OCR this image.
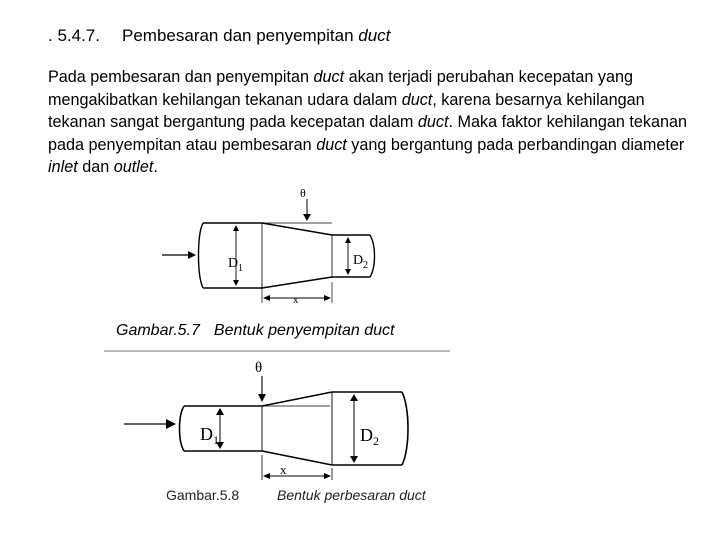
. 5.4.7. Pembesaran dan penyempitan duct
Pada pembesaran dan penyempitan duct akan terjadi perubahan kecepatan yang mengakibatkan kehilangan tekanan udara dalam duct, karena besarnya kehilangan tekanan sangat bergantung pada kecepatan dalam duct. Maka faktor kehilangan tekanan pada penyempitan atau pembesaran duct yang bergantung pada perbandingan diameter inlet dan outlet.
θ
D 1
D 2
x
Gambar.5.7 Bentuk penyempitan duct
θ
D 1	D 2
x
Gambar.5.8	Bentuk perbesaran duct
